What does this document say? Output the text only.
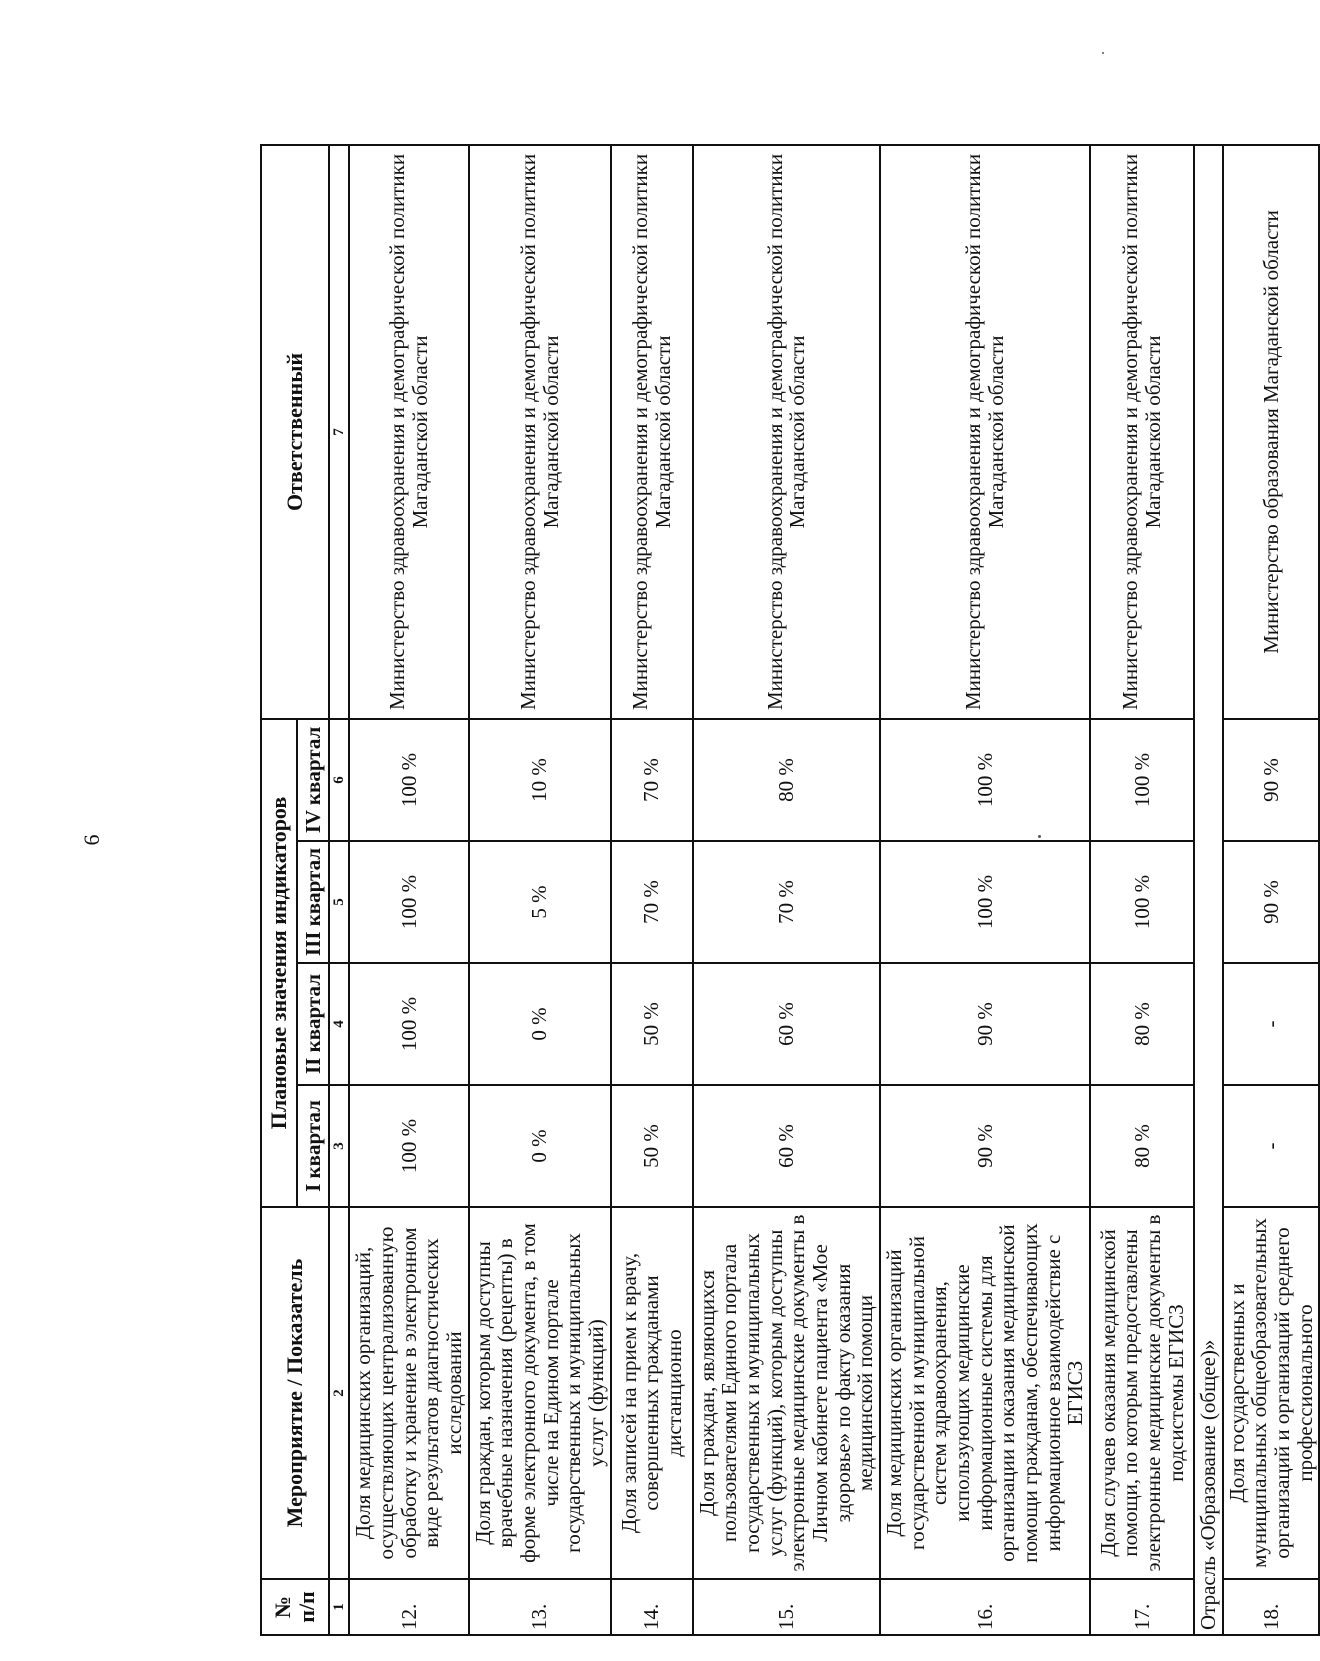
6
№ п/п	Мероприятие / Показатель	Плановые значения индикаторов				Ответственный
		I квартал	II квартал	III квартал	IV квартал	
1	2	3	4	5	6	7
12.	Доля медицинских организаций, осуществляющих централизованную обработку и хранение в электронном виде результатов диагностических исследований	100 %	100 %	100 %	100 %	Министерство здравоохранения и демографической политики Магаданской области
13.	Доля граждан, которым доступны врачебные назначения (рецепты) в форме электронного документа, в том числе на Едином портале государственных и муниципальных услуг (функций)	0 %	0 %	5 %	10 %	Министерство здравоохранения и демографической политики Магаданской области
14.	Доля записей на прием к врачу, совершенных гражданами дистанционно	50 %	50 %	70 %	70 %	Министерство здравоохранения и демографической политики Магаданской области
15.	Доля граждан, являющихся пользователями Единого портала государственных и муниципальных услуг (функций), которым доступны электронные медицинские документы в Личном кабинете пациента «Мое здоровье» по факту оказания медицинской помощи	60 %	60 %	70 %	80 %	Министерство здравоохранения и демографической политики Магаданской области
16.	Доля медицинских организаций государственной и муниципальной систем здравоохранения, использующих медицинские информационные системы для организации и оказания медицинской помощи гражданам, обеспечивающих информационное взаимодействие с ЕГИСЗ	90 %	90 %	100 %	100 %	Министерство здравоохранения и демографической политики Магаданской области
17.	Доля случаев оказания медицинской помощи, по которым предоставлены электронные медицинские документы в подсистемы ЕГИСЗ	80 %	80 %	100 %	100 %	Министерство здравоохранения и демографической политики Магаданской области
Отрасль «Образование (общее)»						
18.	Доля государственных и муниципальных общеобразовательных организаций и организаций среднего профессионального	-	-	90 %	90 %	Министерство образования Магаданской области
